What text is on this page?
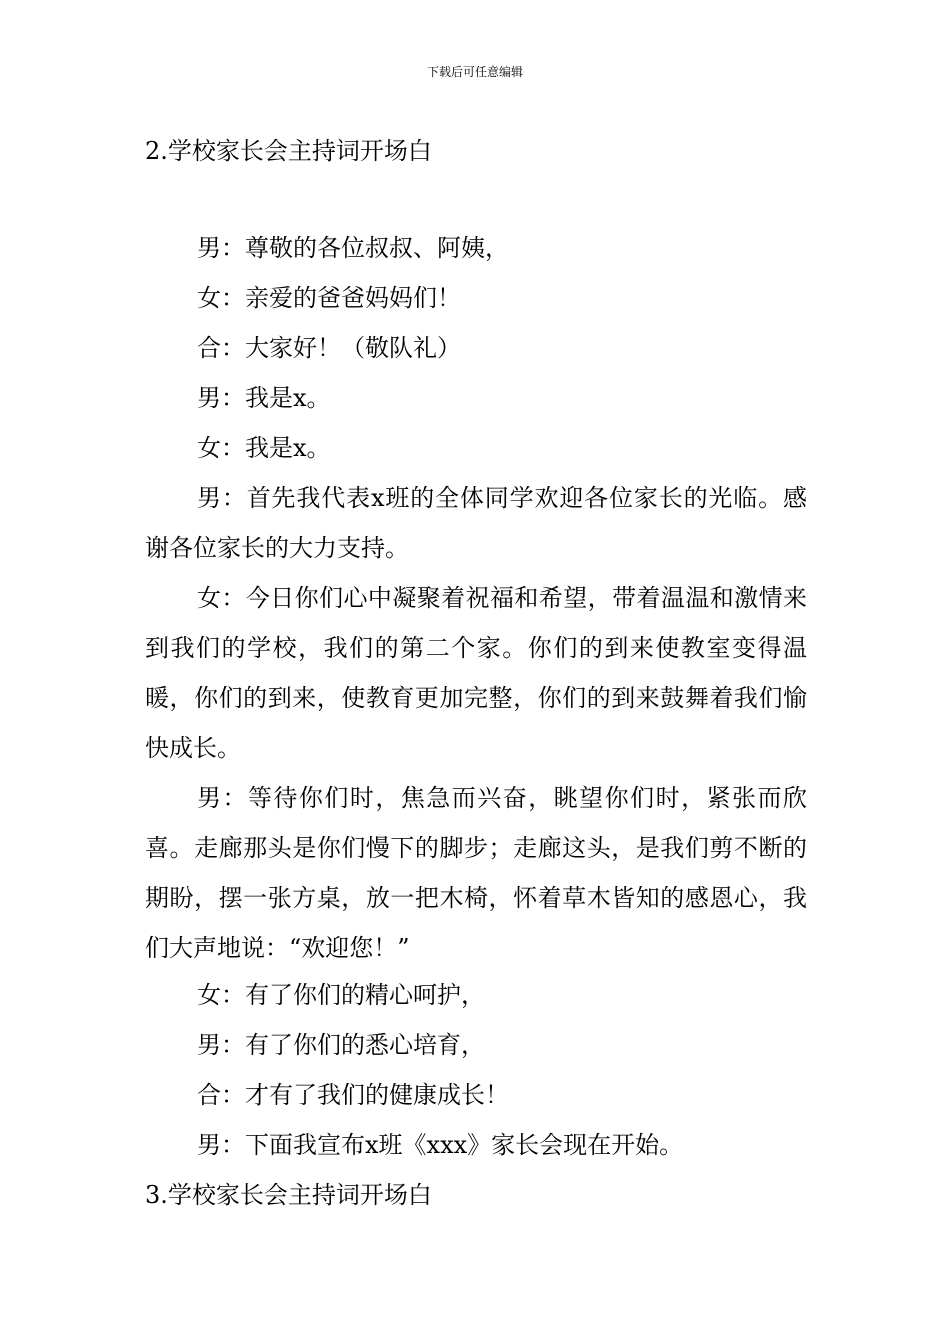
下载后可任意编辑
2.学校家长会主持词开场白

男：尊敬的各位叔叔、阿姨，

女：亲爱的爸爸妈妈们！

合：大家好！（敬队礼）

男：我是x。

女：我是x。

男：首先我代表x班的全体同学欢迎各位家长的光临。感谢各位家长的大力支持。

女：今日你们心中凝聚着祝福和希望，带着温温和激情来到我们的学校，我们的第二个家。你们的到来使教室变得温暖，你们的到来，使教育更加完整，你们的到来鼓舞着我们愉快成长。

男：等待你们时，焦急而兴奋，眺望你们时，紧张而欣喜。走廊那头是你们慢下的脚步；走廊这头，是我们剪不断的期盼，摆一张方桌，放一把木椅，怀着草木皆知的感恩心，我们大声地说：“欢迎您！”

女：有了你们的精心呵护，

男：有了你们的悉心培育，

合：才有了我们的健康成长！

男：下面我宣布x班《xxx》家长会现在开始。

3.学校家长会主持词开场白
